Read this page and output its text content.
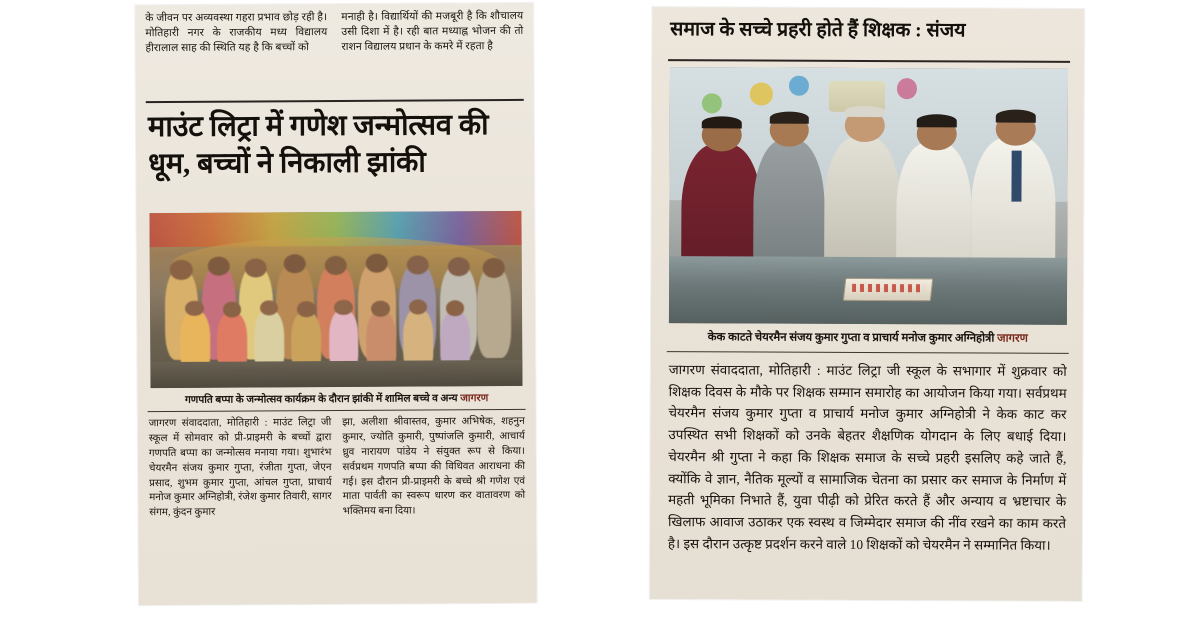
के जीवन पर अव्यवस्था गहरा प्रभाव छोड़ रही है। मोतिहारी नगर के राजकीय मध्य विद्यालय हीरालाल साह की स्थिति यह है कि बच्चों को
मनाही है। विद्यार्थियों की मजबूरी है कि शौचालय उसी दिशा में है। रही बात मध्याह्न भोजन की तो राशन विद्यालय प्रधान के कमरे में रहता है
माउंट लिट्रा में गणेश जन्मोत्सव की धूम, बच्चों ने निकाली झांकी
गणपति बप्पा के जन्मोत्सव कार्यक्रम के दौरान झांकी में शामिल बच्चे व अन्य जागरण
जागरण संवाददाता, मोतिहारी : माउंट लिट्रा जी स्कूल में सोमवार को प्री-प्राइमरी के बच्चों द्वारा गणपति बप्पा का जन्मोत्सव मनाया गया। शुभारंभ चेयरमैन संजय कुमार गुप्ता, रंजीता गुप्ता, जेएन प्रसाद, शुभम कुमार गुप्ता, आंचल गुप्ता, प्राचार्य मनोज कुमार अग्निहोत्री, रंजेश कुमार तिवारी, सागर संगम, कुंदन कुमार
झा, अलीशा श्रीवास्तव, कुमार अभिषेक, शहनुन कुमार, ज्योति कुमारी, पुष्पांजलि कुमारी, आचार्य ध्रुव नारायण पांडेय ने संयुक्त रूप से किया। सर्वप्रथम गणपति बप्पा की विधिवत आराधना की गई। इस दौरान प्री-प्राइमरी के बच्चे श्री गणेश एवं माता पार्वती का स्वरूप धारण कर वातावरण को भक्तिमय बना दिया।
समाज के सच्चे प्रहरी होते हैं शिक्षक : संजय
केक काटते चेयरमैन संजय कुमार गुप्ता व प्राचार्य मनोज कुमार अग्निहोत्री जागरण
जागरण संवाददाता, मोतिहारी : माउंट लिट्रा जी स्कूल के सभागार में शुक्रवार को शिक्षक दिवस के मौके पर शिक्षक सम्मान समारोह का आयोजन किया गया। सर्वप्रथम चेयरमैन संजय कुमार गुप्ता व प्राचार्य मनोज कुमार अग्निहोत्री ने केक काट कर उपस्थित सभी शिक्षकों को उनके बेहतर शैक्षणिक योगदान के लिए बधाई दिया। चेयरमैन श्री गुप्ता ने कहा कि शिक्षक समाज के सच्चे प्रहरी इसलिए कहे जाते हैं, क्योंकि वे ज्ञान, नैतिक मूल्यों व सामाजिक चेतना का प्रसार कर समाज के निर्माण में महती भूमिका निभाते हैं, युवा पीढ़ी को प्रेरित करते हैं और अन्याय व भ्रष्टाचार के खिलाफ आवाज उठाकर एक स्वस्थ व जिम्मेदार समाज की नींव रखने का काम करते है। इस दौरान उत्कृष्ट प्रदर्शन करने वाले 10 शिक्षकों को चेयरमैन ने सम्मानित किया।
